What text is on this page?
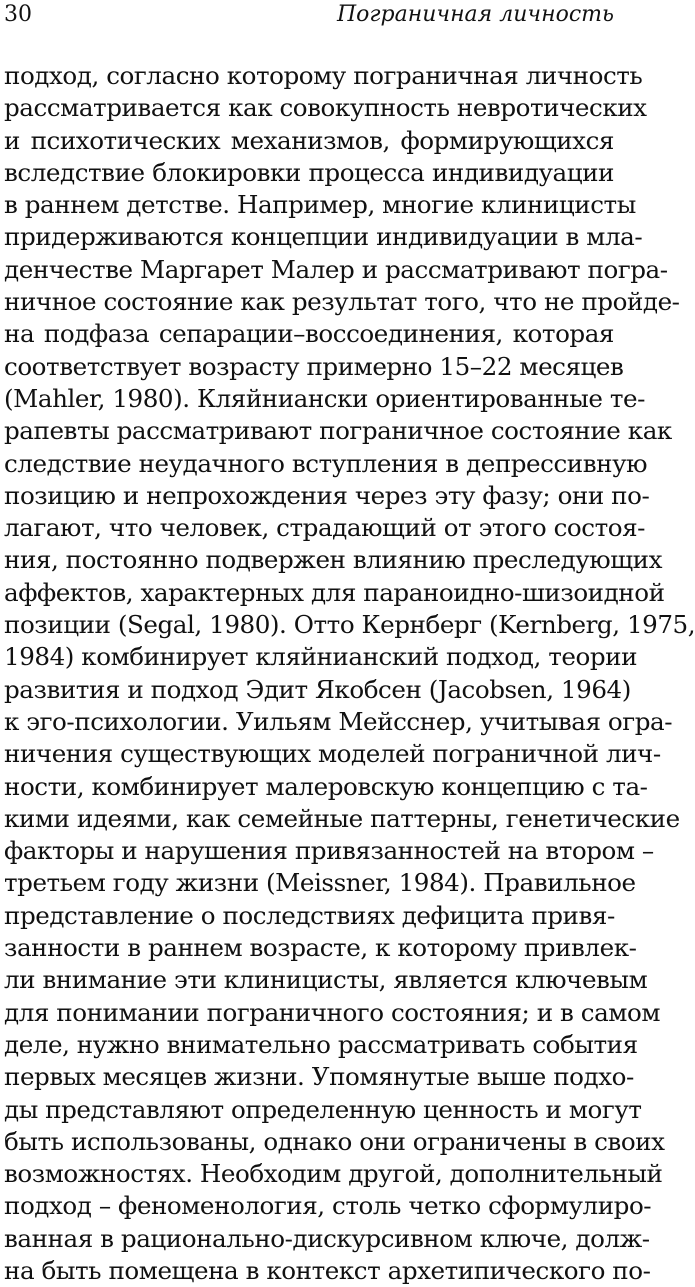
30	Пограничная личность
подход, согласно которому пограничная личность
рассматривается как совокупность невротических
и психотических механизмов, формирующихся
вследствие блокировки процесса индивидуации
в раннем детстве. Например, многие клиницисты
придерживаются концепции индивидуации в мла-
денчестве Маргарет Малер и рассматривают погра-
ничное состояние как результат того, что не пройде-
на подфаза сепарации–воссоединения, которая
соответствует возрасту примерно 15–22 месяцев
(Mahler, 1980). Кляйниански ориентированные те-
рапевты рассматривают пограничное состояние как
следствие неудачного вступления в депрессивную
позицию и непрохождения через эту фазу; они по-
лагают, что человек, страдающий от этого состоя-
ния, постоянно подвержен влиянию преследующих
аффектов, характерных для параноидно-шизоидной
позиции (Segal, 1980). Отто Кернберг (Kernberg, 1975,
1984) комбинирует кляйнианский подход, теории
развития и подход Эдит Якобсен (Jacobsen, 1964)
к эго-психологии. Уильям Мейсснер, учитывая огра-
ничения существующих моделей пограничной лич-
ности, комбинирует малеровскую концепцию с та-
кими идеями, как семейные паттерны, генетические
факторы и нарушения привязанностей на втором –
третьем году жизни (Meissner, 1984). Правильное
представление о последствиях дефицита привя-
занности в раннем возрасте, к которому привлек-
ли внимание эти клиницисты, является ключевым
для понимании пограничного состояния; и в самом
деле, нужно внимательно рассматривать события
первых месяцев жизни. Упомянутые выше подхо-
ды представляют определенную ценность и могут
быть использованы, однако они ограничены в своих
возможностях. Необходим другой, дополнительный
подход – феноменология, столь четко сформулиро-
ванная в рационально-дискурсивном ключе, долж-
на быть помещена в контекст архетипического по-
